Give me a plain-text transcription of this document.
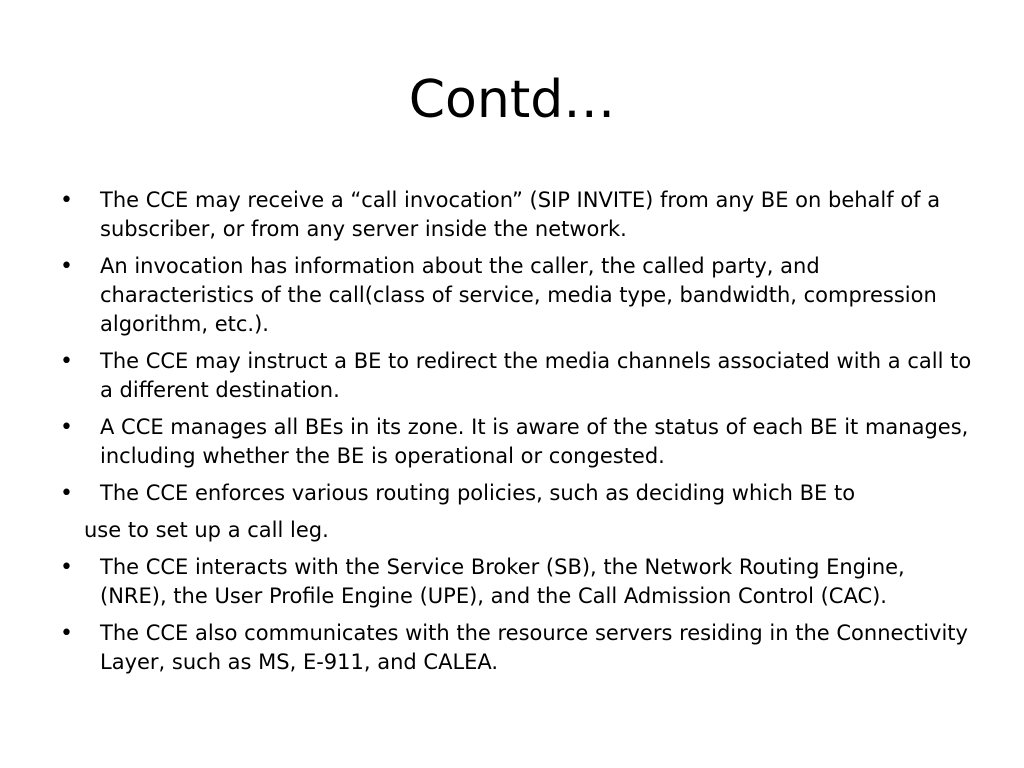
Contd…
• The CCE may receive a “call invocation” (SIP INVITE) from any BE on behalf of a subscriber, or from any server inside the network.
• An invocation has information about the caller, the called party, and characteristics of the call(class of service, media type, bandwidth, compression algorithm, etc.).
• The CCE may instruct a BE to redirect the media channels associated with a call to a different destination.
• A CCE manages all BEs in its zone. It is aware of the status of each BE it manages, including whether the BE is operational or congested.
• The CCE enforces various routing policies, such as deciding which BE to
use to set up a call leg.
• The CCE interacts with the Service Broker (SB), the Network Routing Engine, (NRE), the User Profile Engine (UPE), and the Call Admission Control (CAC).
• The CCE also communicates with the resource servers residing in the Connectivity Layer, such as MS, E-911, and CALEA.
